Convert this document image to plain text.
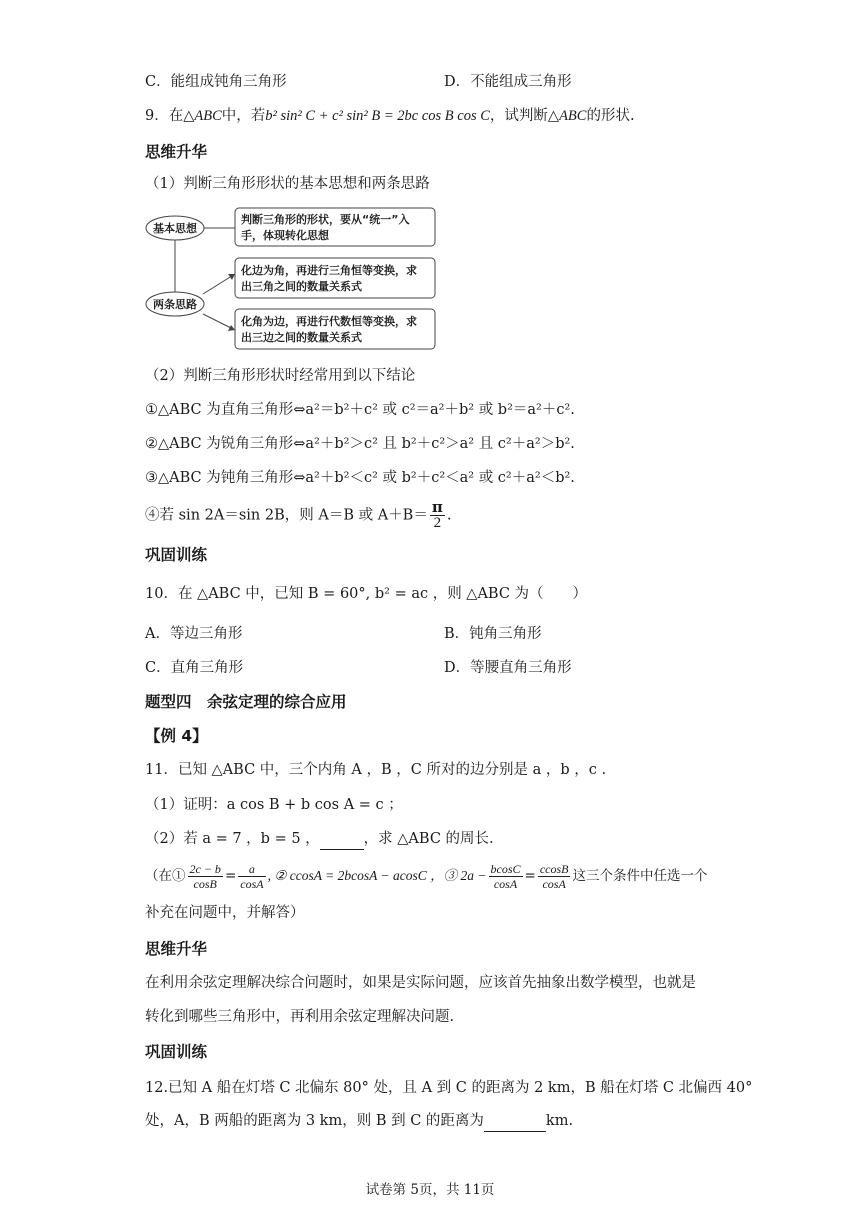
C．能组成钝角三角形	D．不能组成三角形
9．在△ABC中，若b² sin² C + c² sin² B = 2bc cos B cos C，试判断△ABC的形状.
思维升华
（1）判断三角形形状的基本思想和两条思路
基本思想
两条思路
判断三角形的形状，要从“统一”入
手，体现转化思想
化边为角，再进行三角恒等变换，求
出三角之间的数量关系式
化角为边，再进行代数恒等变换，求
出三边之间的数量关系式
（2）判断三角形形状时经常用到以下结论
①△ABC 为直角三角形⇔a²＝b²＋c² 或 c²＝a²＋b² 或 b²＝a²＋c².
②△ABC 为锐角三角形⇔a²＋b²＞c² 且 b²＋c²＞a² 且 c²＋a²＞b².
③△ABC 为钝角三角形⇔a²＋b²＜c² 或 b²＋c²＜a² 或 c²＋a²＜b².
④若 sin 2A＝sin 2B，则 A＝B 或 $A+B= \frac{\pi}{2}$ .
巩固训练
10．在 △ABC 中，已知 B = 60°, b² = ac ，则 △ABC 为（　　）
A．等边三角形	B．钝角三角形
C．直角三角形	D．等腰直角三角形
题型四　余弦定理的综合应用
【例 4】
11．已知 △ABC 中，三个内角 A ，B ，C 所对的边分别是 a ，b ，c .
（1）证明：a cos B + b cos A = c ；
（2）若 a = 7 ，b = 5 ，	，求 △ABC 的周长.
（在① $\frac{2c - b}{\cos B} = \frac{a}{\cos A}$ , ② ccosA = 2bcosA − acosC ，③ $2a - \frac{bcosC}{\cos A} = \frac{ccosB}{\cos A}$ 这三个条件中任选一个
补充在问题中，并解答）
思维升华
在利用余弦定理解决综合问题时，如果是实际问题，应该首先抽象出数学模型，也就是
转化到哪些三角形中，再利用余弦定理解决问题.
巩固训练
12.已知 A 船在灯塔 C 北偏东 80° 处，且 A 到 C 的距离为 2 km，B 船在灯塔 C 北偏西 40°
处，A，B 两船的距离为 3 km，则 B 到 C 的距离为	km.
试卷第 5页，共 11页
